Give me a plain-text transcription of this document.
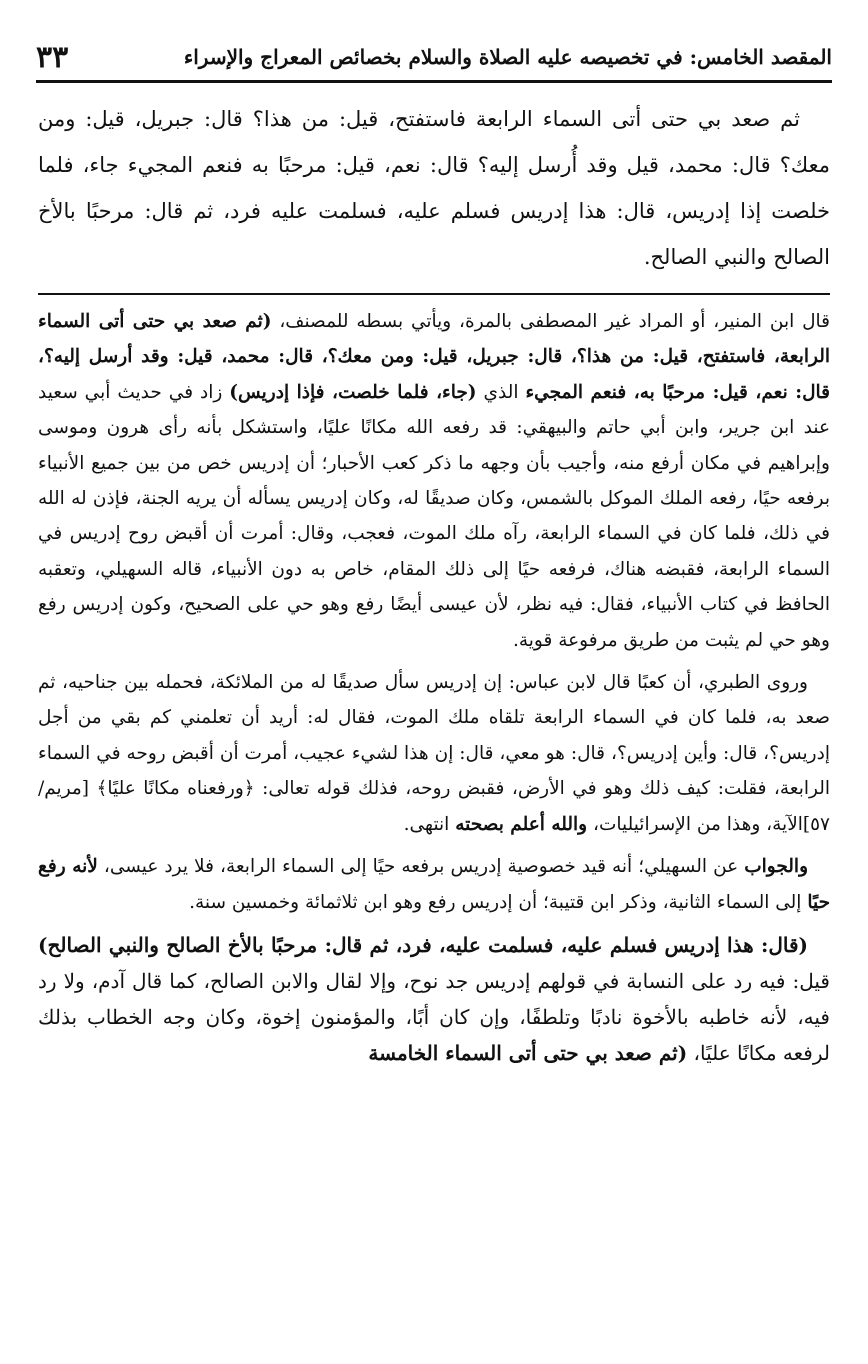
المقصد الخامس: في تخصيصه عليه الصلاة والسلام بخصائص المعراج والإسراء
٣٣

ثم صعد بي حتى أتى السماء الرابعة فاستفتح، قيل: من هذا؟ قال: جبريل، قيل: ومن معك؟ قال: محمد، قيل وقد أُرسل إليه؟ قال: نعم، قيل: مرحبًا به فنعم المجيء جاء، فلما خلصت إذا إدريس، قال: هذا إدريس فسلم عليه، فسلمت عليه فرد، ثم قال: مرحبًا بالأخ الصالح والنبي الصالح.

قال ابن المنير، أو المراد غير المصطفى بالمرة، ويأتي بسطه للمصنف، (ثم صعد بي حتى أتى السماء الرابعة، فاستفتح، قيل: من هذا؟، قال: جبريل، قيل: ومن معك؟، قال: محمد، قيل: وقد أرسل إليه؟، قال: نعم، قيل: مرحبًا به، فنعم المجيء الذي (جاء، فلما خلصت، فإذا إدريس) زاد في حديث أبي سعيد عند ابن جرير، وابن أبي حاتم والبيهقي: قد رفعه الله مكانًا عليًا، واستشكل بأنه رأى هرون وموسى وإبراهيم في مكان أرفع منه، وأجيب بأن وجهه ما ذكر كعب الأحبار؛ أن إدريس خص من بين جميع الأنبياء برفعه حيًا، رفعه الملك الموكل بالشمس، وكان صديقًا له، وكان إدريس يسأله أن يريه الجنة، فإذن له الله في ذلك، فلما كان في السماء الرابعة، رآه ملك الموت، فعجب، وقال: أمرت أن أقبض روح إدريس في السماء الرابعة، فقبضه هناك، فرفعه حيًا إلى ذلك المقام، خاص به دون الأنبياء، قاله السهيلي، وتعقبه الحافظ في كتاب الأنبياء، فقال: فيه نظر، لأن عيسى أيضًا رفع وهو حي على الصحيح، وكون إدريس رفع وهو حي لم يثبت من طريق مرفوعة قوية.

وروى الطبري، أن كعبًا قال لابن عباس: إن إدريس سأل صديقًا له من الملائكة، فحمله بين جناحيه، ثم صعد به، فلما كان في السماء الرابعة تلقاه ملك الموت، فقال له: أريد أن تعلمني كم بقي من أجل إدريس؟، قال: وأين إدريس؟، قال: هو معي، قال: إن هذا لشيء عجيب، أمرت أن أقبض روحه في السماء الرابعة، فقلت: كيف ذلك وهو في الأرض، فقبض روحه، فذلك قوله تعالى: ﴿ورفعناه مكانًا عليًا﴾ [مريم/٥٧]الآية، وهذا من الإسرائيليات، والله أعلم بصحته انتهى.

والجواب عن السهيلي؛ أنه قيد خصوصية إدريس برفعه حيًا إلى السماء الرابعة، فلا يرد عيسى، لأنه رفع حيًا إلى السماء الثانية، وذكر ابن قتيبة؛ أن إدريس رفع وهو ابن ثلاثمائة وخمسين سنة.

(قال: هذا إدريس فسلم عليه، فسلمت عليه، فرد، ثم قال: مرحبًا بالأخ الصالح والنبي الصالح) قيل: فيه رد على النسابة في قولهم إدريس جد نوح، وإلا لقال والابن الصالح، كما قال آدم، ولا رد فيه، لأنه خاطبه بالأخوة نادبًا وتلطفًا، وإن كان أبًا، والمؤمنون إخوة، وكان وجه الخطاب بذلك لرفعه مكانًا عليًا، (ثم صعد بي حتى أتى السماء الخامسة
